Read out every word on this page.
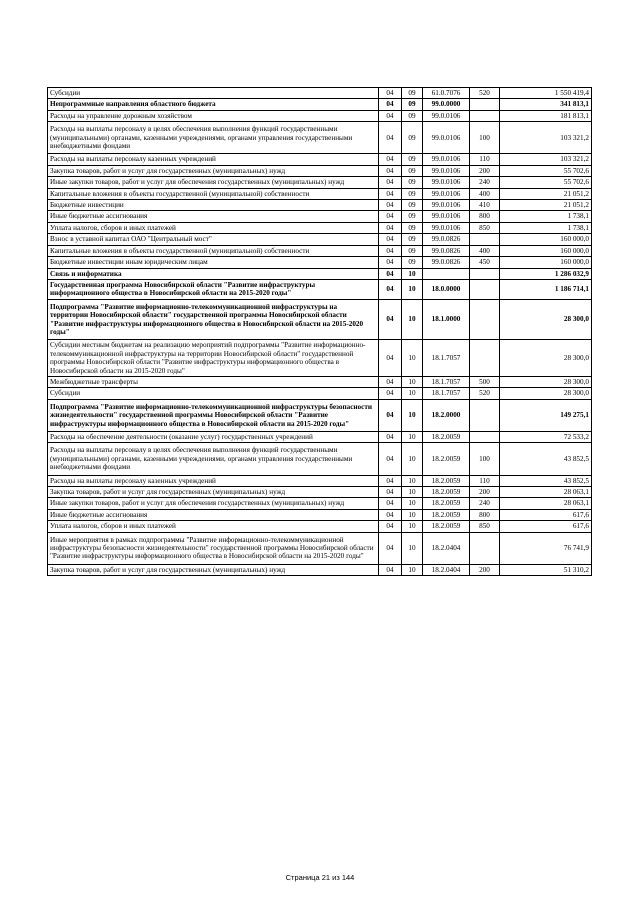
Субсидии	04	09	61.0.7076	520	1 550 419,4
Непрограммные направления областного бюджета	04	09	99.0.0000		341 813,1
Расходы на управление дорожным хозяйством	04	09	99.0.0106		181 813,1
Расходы на выплаты персоналу в целях обеспечения выполнения функций государственными (муниципальными) органами, казенными учреждениями, органами управления государственными внебюджетными фондами	04	09	99.0.0106	100	103 321,2
Расходы на выплаты персоналу казенных учреждений	04	09	99.0.0106	110	103 321,2
Закупка товаров, работ и услуг для государственных (муниципальных) нужд	04	09	99.0.0106	200	55 702,6
Иные закупки товаров, работ и услуг для обеспечения государственных (муниципальных) нужд	04	09	99.0.0106	240	55 702,6
Капитальные вложения в объекты государственной (муниципальной) собственности	04	09	99.0.0106	400	21 051,2
Бюджетные инвестиции	04	09	99.0.0106	410	21 051,2
Иные бюджетные ассигнования	04	09	99.0.0106	800	1 738,1
Уплата налогов, сборов и иных платежей	04	09	99.0.0106	850	1 738,1
Взнос в уставной капитал ОАО "Центральный мост"	04	09	99.0.0826		160 000,0
Капитальные вложения в объекты государственной (муниципальной) собственности	04	09	99.0.0826	400	160 000,0
Бюджетные инвестиции иным юридическим лицам	04	09	99.0.0826	450	160 000,0
Связь и информатика	04	10			1 286 032,9
Государственная программа Новосибирской области "Развитие инфраструктуры информационного общества в Новосибирской области на 2015-2020 годы"	04	10	18.0.0000		1 186 714,1
Подпрограмма "Развитие информационно-телекоммуникационной инфраструктуры на территории Новосибирской области" государственной программы Новосибирской области "Развитие инфраструктуры информационного общества в Новосибирской области на 2015-2020 годы"	04	10	18.1.0000		28 300,0
Субсидии местным бюджетам на реализацию мероприятий подпрограммы "Развитие информационно-телекоммуникационной инфраструктуры на территории Новосибирской области" государственной программы Новосибирской области "Развитие инфраструктуры информационного общества в Новосибирской области на 2015-2020 годы"	04	10	18.1.7057		28 300,0
Межбюджетные трансферты	04	10	18.1.7057	500	28 300,0
Субсидии	04	10	18.1.7057	520	28 300,0
Подпрограмма "Развитие информационно-телекоммуникационной инфраструктуры безопасности жизнедеятельности" государственной программы Новосибирской области "Развитие инфраструктуры информационного общества в Новосибирской области на 2015-2020 годы"	04	10	18.2.0000		149 275,1
Расходы на обеспечение деятельности (оказание услуг) государственных учреждений	04	10	18.2.0059		72 533,2
Расходы на выплаты персоналу в целях обеспечения выполнения функций государственными (муниципальными) органами, казенными учреждениями, органами управления государственными внебюджетными фондами	04	10	18.2.0059	100	43 852,5
Расходы на выплаты персоналу казенных учреждений	04	10	18.2.0059	110	43 852,5
Закупка товаров, работ и услуг для государственных (муниципальных) нужд	04	10	18.2.0059	200	28 063,1
Иные закупки товаров, работ и услуг для обеспечения государственных (муниципальных) нужд	04	10	18.2.0059	240	28 063,1
Иные бюджетные ассигнования	04	10	18.2.0059	800	617,6
Уплата налогов, сборов и иных платежей	04	10	18.2.0059	850	617,6
Иные мероприятия в рамках подпрограммы "Развитие информационно-телекоммуникационной инфраструктуры безопасности жизнедеятельности" государственной программы Новосибирской области "Развитие инфраструктуры информационного общества в Новосибирской области на 2015-2020 годы"	04	10	18.2.0404		76 741,9
Закупка товаров, работ и услуг для государственных (муниципальных) нужд	04	10	18.2.0404	200	51 310,2
Страница 21 из 144
